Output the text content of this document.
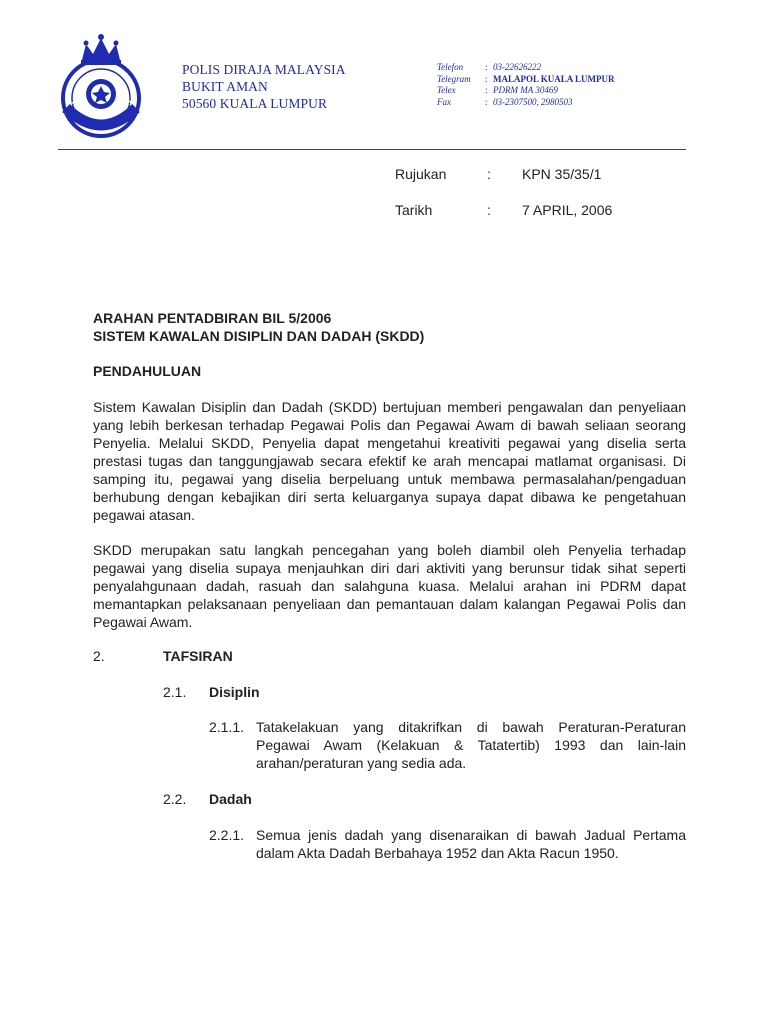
IS DIRAJA MALAY
POLIS DIRAJA MALAYSIA
BUKIT AMAN
50560 KUALA LUMPUR
Telefon	: 03-22626222
Telegram	: MALAPOL KUALA LUMPUR
Telex	: PDRM MA 30469
Fax	: 03-2307500, 2980503
Rujukan	: KPN 35/35/1
Tarikh	: 7 APRIL, 2006
ARAHAN PENTADBIRAN BIL 5/2006
SISTEM KAWALAN DISIPLIN DAN DADAH (SKDD)
PENDAHULUAN
Sistem Kawalan Disiplin dan Dadah (SKDD) bertujuan memberi pengawalan dan penyeliaan yang lebih berkesan terhadap Pegawai Polis dan Pegawai Awam di bawah seliaan seorang Penyelia. Melalui SKDD, Penyelia dapat mengetahui kreativiti pegawai yang diselia serta prestasi tugas dan tanggungjawab secara efektif ke arah mencapai matlamat organisasi. Di samping itu, pegawai yang diselia berpeluang untuk membawa permasalahan/pengaduan berhubung dengan kebajikan diri serta keluarganya supaya dapat dibawa ke pengetahuan pegawai atasan.
SKDD merupakan satu langkah pencegahan yang boleh diambil oleh Penyelia terhadap pegawai yang diselia supaya menjauhkan diri dari aktiviti yang berunsur tidak sihat seperti penyalahgunaan dadah, rasuah dan salahguna kuasa. Melalui arahan ini PDRM dapat memantapkan pelaksanaan penyeliaan dan pemantauan dalam kalangan Pegawai Polis dan Pegawai Awam.
2.	TAFSIRAN
2.1. Disiplin
2.1.1. Tatakelakuan yang ditakrifkan di bawah Peraturan-Peraturan Pegawai Awam (Kelakuan & Tatatertib) 1993 dan lain-lain arahan/peraturan yang sedia ada.
2.2. Dadah
2.2.1. Semua jenis dadah yang disenaraikan di bawah Jadual Pertama dalam Akta Dadah Berbahaya 1952 dan Akta Racun 1950.
